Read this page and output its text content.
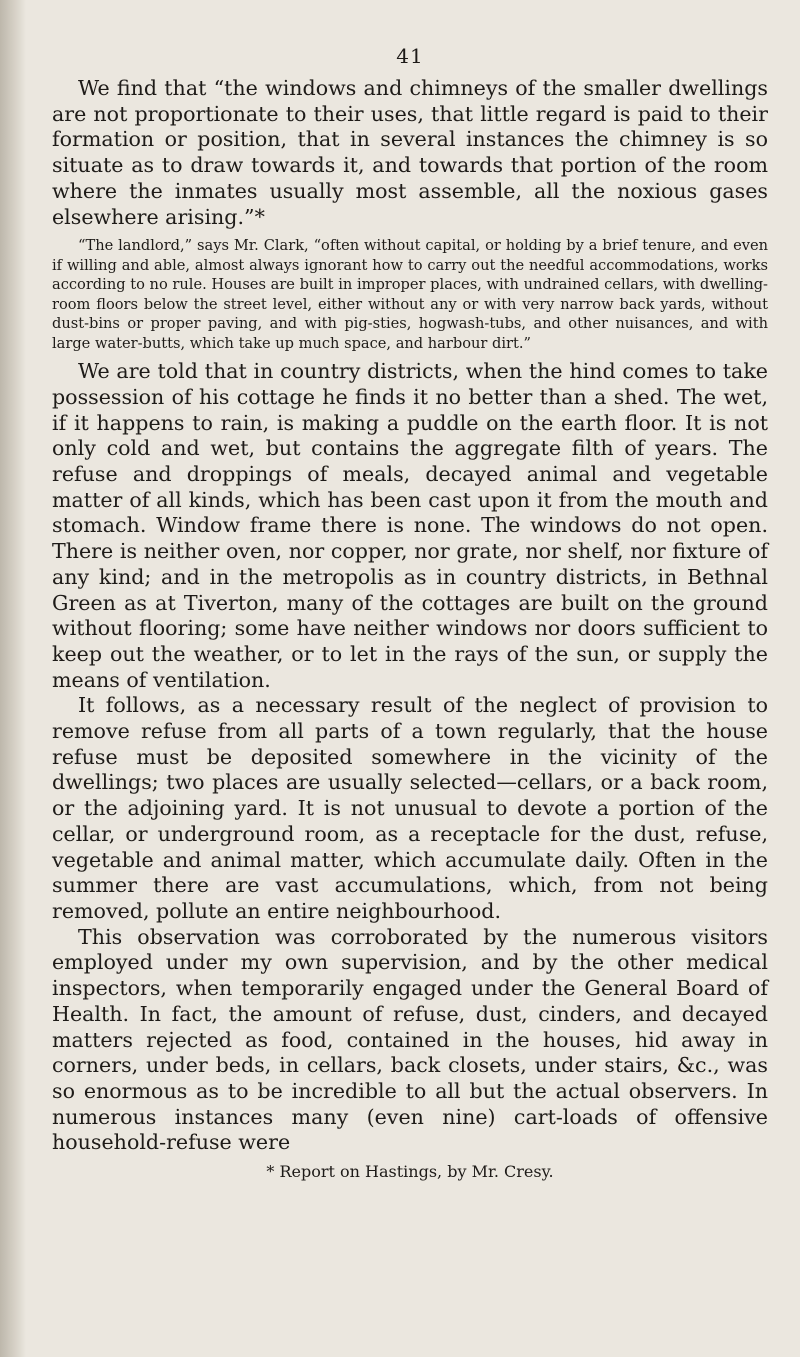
41

We find that “the windows and chimneys of the smaller dwellings are not proportionate to their uses, that little regard is paid to their formation or position, that in several instances the chimney is so situate as to draw towards it, and towards that portion of the room where the inmates usually most assemble, all the noxious gases elsewhere arising.”*

“The landlord,” says Mr. Clark, “often without capital, or holding by a brief tenure, and even if willing and able, almost always ignorant how to carry out the needful accommodations, works according to no rule. Houses are built in improper places, with undrained cellars, with dwelling-room floors below the street level, either without any or with very narrow back yards, without dust-bins or proper paving, and with pig-sties, hogwash-tubs, and other nuisances, and with large water-butts, which take up much space, and harbour dirt.”

We are told that in country districts, when the hind comes to take possession of his cottage he finds it no better than a shed. The wet, if it happens to rain, is making a puddle on the earth floor. It is not only cold and wet, but contains the aggregate filth of years. The refuse and droppings of meals, decayed animal and vegetable matter of all kinds, which has been cast upon it from the mouth and stomach. Window frame there is none. The windows do not open. There is neither oven, nor copper, nor grate, nor shelf, nor fixture of any kind; and in the metropolis as in country districts, in Bethnal Green as at Tiverton, many of the cottages are built on the ground without flooring; some have neither windows nor doors sufficient to keep out the weather, or to let in the rays of the sun, or supply the means of ventilation.

It follows, as a necessary result of the neglect of provision to remove refuse from all parts of a town regularly, that the house refuse must be deposited somewhere in the vicinity of the dwellings; two places are usually selected—cellars, or a back room, or the adjoining yard. It is not unusual to devote a portion of the cellar, or underground room, as a receptacle for the dust, refuse, vegetable and animal matter, which accumulate daily. Often in the summer there are vast accumulations, which, from not being removed, pollute an entire neighbourhood.

This observation was corroborated by the numerous visitors employed under my own supervision, and by the other medical inspectors, when temporarily engaged under the General Board of Health. In fact, the amount of refuse, dust, cinders, and decayed matters rejected as food, contained in the houses, hid away in corners, under beds, in cellars, back closets, under stairs, &c., was so enormous as to be incredible to all but the actual observers. In numerous instances many (even nine) cart-loads of offensive household-refuse were

* Report on Hastings, by Mr. Cresy.
